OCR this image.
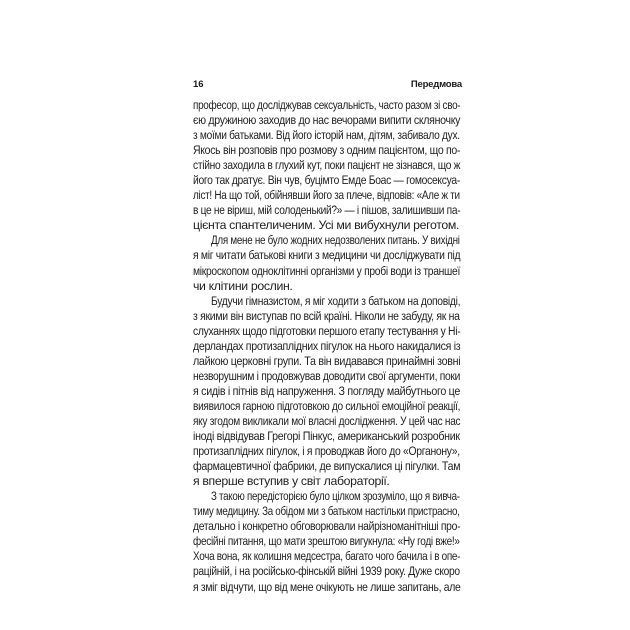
16	Передмова
професор, що досліджував сексуальність, часто разом зі сво-
єю дружиною заходив до нас вечорами випити скляночку
з моїми батьками. Від його історій нам, дітям, забивало дух.
Якось він розповів про розмову з одним пацієнтом, що по-
стійно заходила в глухий кут, поки пацієнт не зізнався, що ж
його так дратує. Він чув, буцімто Емде Боас — гомосексуа-
ліст! На що той, обійнявши його за плече, відповів: «Але ж ти
в це не віриш, мій солоденький?» — і пішов, залишивши па-
цієнта спантеличеним. Усі ми вибухнули реготом.
Для мене не було жодних недозволених питань. У вихідні
я міг читати батькові книги з медицини чи досліджувати під
мікроскопом одноклітинні організми у пробі води із траншеї
чи клітини рослин.
Будучи гімназистом, я міг ходити з батьком на доповіді,
з якими він виступав по всій країні. Ніколи не забуду, як на
слуханнях щодо підготовки першого етапу тестування у Ні-
дерландах протизаплідних пігулок на нього накидалися із
лайкою церковні групи. Та він видавався принаймні зовні
незворушним і продовжував доводити свої аргументи, поки
я сидів і пітнів від напруження. З погляду майбутнього це
виявилося гарною підготовкою до сильної емоційної реакції,
яку згодом викликали мої власні дослідження. У цей час нас
іноді відвідував Грегорі Пінкус, американський розробник
протизаплідних пігулок, і я проводжав його до «Органону»,
фармацевтичної фабрики, де випускалися ці пігулки. Там
я вперше вступив у світ лабораторії.
З такою передісторією було цілком зрозуміло, що я вивча-
тиму медицину. За обідом ми з батьком настільки пристрасно,
детально і конкретно обговорювали найрізноманітніші про-
фесійні питання, що мати зрештою вигукнула: «Ну годі вже!»
Хоча вона, як колишня медсестра, багато чого бачила і в опе-
раційній, і на російсько-фінській війні 1939 року. Дуже скоро
я зміг відчути, що від мене очікують не лише запитань, але
